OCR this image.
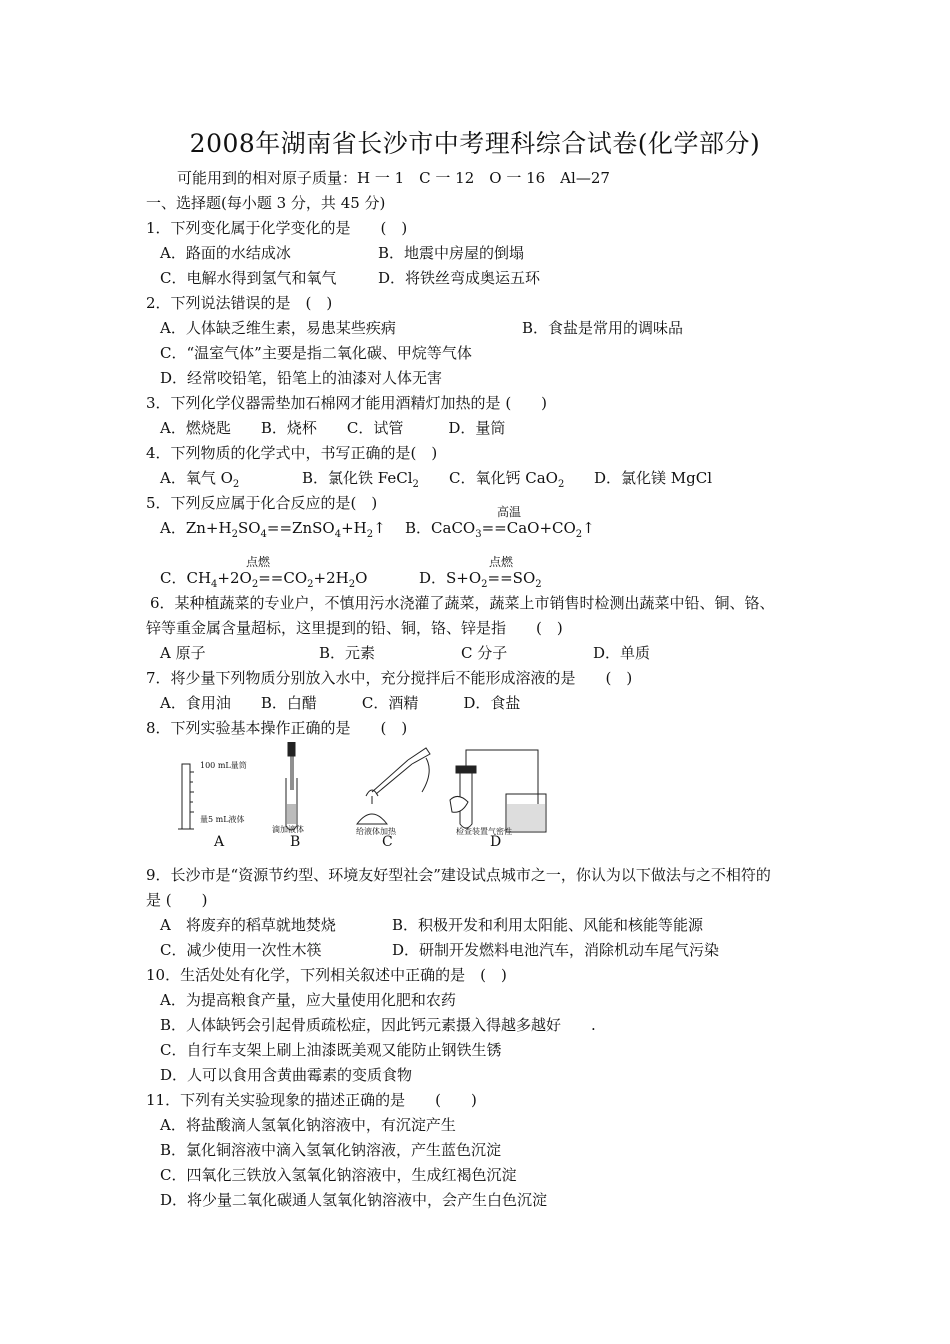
2008年湖南省长沙市中考理科综合试卷(化学部分)
可能用到的相对原子质量：H 一 1　C 一 12　O 一 16　Al—27
一、选择题(每小题 3 分，共 45 分)
1．下列变化属于化学变化的是　　(　)
A．路面的水结成冰	B．地震中房屋的倒塌
C．电解水得到氢气和氧气	D．将铁丝弯成奥运五环
2．下列说法错误的是　(　)
A．人体缺乏维生素，易患某些疾病	B．食盐是常用的调味品
C．“温室气体”主要是指二氧化碳、甲烷等气体
D．经常咬铅笔，铅笔上的油漆对人体无害
3．下列化学仪器需垫加石棉网才能用酒精灯加热的是 (　　)
A．燃烧匙　　B．烧杯　　C．试管　　　D．量筒
4．下列物质的化学式中，书写正确的是(　)
A．氧气 $O_2$	B．氯化铁 FeCl$_2$ C．氧化钙 CaO$_2$ D．氯化镁 MgCl
5．下列反应属于化合反应的是(　)	高温
A．$Zn+H_2SO_4==ZnSO_4+H_2↑$ B．$CaCO_3==CaO+CO_2↑$
点燃	点燃
C．$CH_4+2O_2==CO_2+2H_2O$	D．$S+O_2==SO_2$
6．某种植蔬菜的专业户，不慎用污水浇灌了蔬菜，蔬菜上市销售时检测出蔬菜中铅、铜、铬、
锌等重金属含量超标，这里提到的铅、铜，铬、锌是指　　(　)
A 原子	B．元素	C 分子	D．单质
7．将少量下列物质分别放入水中，充分搅拌后不能形成溶液的是　　(　)
A．食用油　　B．白醋　　　C．酒精　　　D．食盐
8．下列实验基本操作正确的是　　(　)
A	B	C	D
100 mL量筒
量5 mL液体
滴加液体	给液体加热	检查装置气密性
9．长沙市是“资源节约型、环境友好型社会”建设试点城市之一，你认为以下做法与之不相符的
是 (　　)
A　将废弃的稻草就地焚烧	B．积极开发和利用太阳能、风能和核能等能源
C．减少使用一次性木筷	D．研制开发燃料电池汽车，消除机动车尾气污染
10．生活处处有化学，下列相关叙述中正确的是　(　)
A．为提高粮食产量，应大量使用化肥和农药
B．人体缺钙会引起骨质疏松症，因此钙元素摄入得越多越好　　.
C．自行车支架上刷上油漆既美观又能防止钢铁生锈
D．人可以食用含黄曲霉素的变质食物
11．下列有关实验现象的描述正确的是　　(　　)
A．将盐酸滴人氢氧化钠溶液中，有沉淀产生
B．氯化铜溶液中滴入氢氧化钠溶液，产生蓝色沉淀
C．四氧化三铁放入氢氧化钠溶液中，生成红褐色沉淀
D．将少量二氧化碳通人氢氧化钠溶液中，会产生白色沉淀
